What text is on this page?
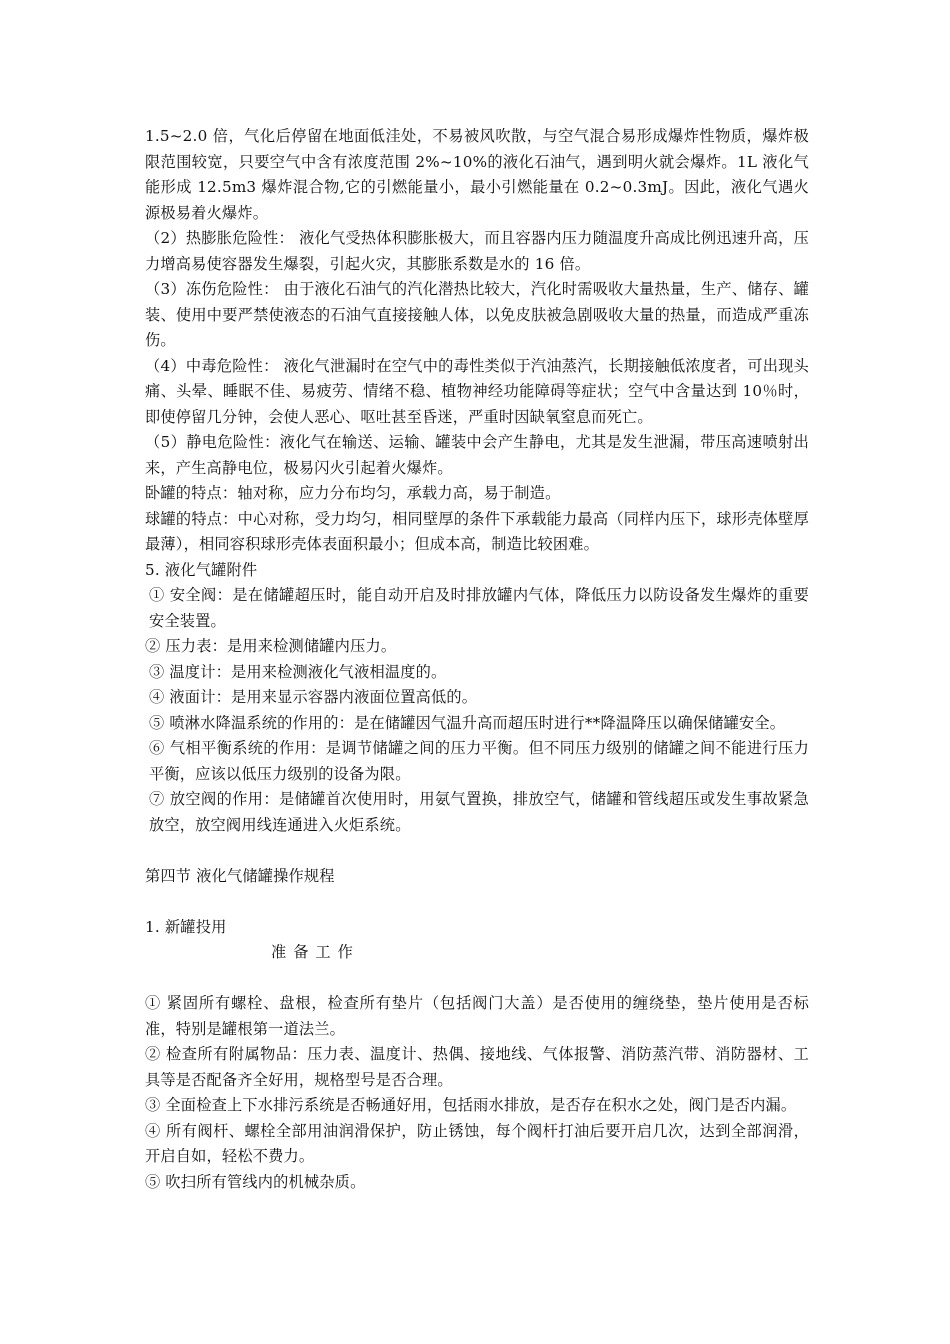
1.5~2.0 倍，气化后停留在地面低洼处，不易被风吹散，与空气混合易形成爆炸性物质，爆炸极限范围较宽，只要空气中含有浓度范围 2%~10%的液化石油气，遇到明火就会爆炸。1L 液化气能形成 12.5m3 爆炸混合物,它的引燃能量小，最小引燃能量在 0.2~0.3mJ。因此，液化气遇火源极易着火爆炸。

（2）热膨胀危险性： 液化气受热体积膨胀极大，而且容器内压力随温度升高成比例迅速升高，压力增高易使容器发生爆裂，引起火灾，其膨胀系数是水的 16 倍。

（3）冻伤危险性： 由于液化石油气的汽化潜热比较大，汽化时需吸收大量热量，生产、储存、罐装、使用中要严禁使液态的石油气直接接触人体，以免皮肤被急剧吸收大量的热量，而造成严重冻伤。

（4）中毒危险性： 液化气泄漏时在空气中的毒性类似于汽油蒸汽，长期接触低浓度者，可出现头痛、头晕、睡眠不佳、易疲劳、情绪不稳、植物神经功能障碍等症状；空气中含量达到 10％时，即使停留几分钟，会使人恶心、呕吐甚至昏迷，严重时因缺氧窒息而死亡。

（5）静电危险性：液化气在输送、运输、罐装中会产生静电，尤其是发生泄漏，带压高速喷射出来，产生高静电位，极易闪火引起着火爆炸。

卧罐的特点：轴对称，应力分布均匀，承载力高，易于制造。

球罐的特点：中心对称，受力均匀，相同壁厚的条件下承载能力最高（同样内压下，球形壳体壁厚最薄），相同容积球形壳体表面积最小；但成本高，制造比较困难。

5. 液化气罐附件

① 安全阀：是在储罐超压时，能自动开启及时排放罐内气体，降低压力以防设备发生爆炸的重要安全装置。

② 压力表：是用来检测储罐内压力。

③ 温度计：是用来检测液化气液相温度的。

④ 液面计：是用来显示容器内液面位置高低的。

⑤ 喷淋水降温系统的作用的：是在储罐因气温升高而超压时进行**降温降压以确保储罐安全。

⑥ 气相平衡系统的作用：是调节储罐之间的压力平衡。但不同压力级别的储罐之间不能进行压力平衡，应该以低压力级别的设备为限。

⑦ 放空阀的作用：是储罐首次使用时，用氨气置换，排放空气，储罐和管线超压或发生事故紧急放空，放空阀用线连通进入火炬系统。

第四节 液化气储罐操作规程

1. 新罐投用

准备工作

① 紧固所有螺栓、盘根，检查所有垫片（包括阀门大盖）是否使用的缠绕垫，垫片使用是否标准，特别是罐根第一道法兰。

② 检查所有附属物品：压力表、温度计、热偶、接地线、气体报警、消防蒸汽带、消防器材、工具等是否配备齐全好用，规格型号是否合理。

③ 全面检查上下水排污系统是否畅通好用，包括雨水排放，是否存在积水之处，阀门是否内漏。

④ 所有阀杆、螺栓全部用油润滑保护，防止锈蚀，每个阀杆打油后要开启几次，达到全部润滑，开启自如，轻松不费力。

⑤ 吹扫所有管线内的机械杂质。
